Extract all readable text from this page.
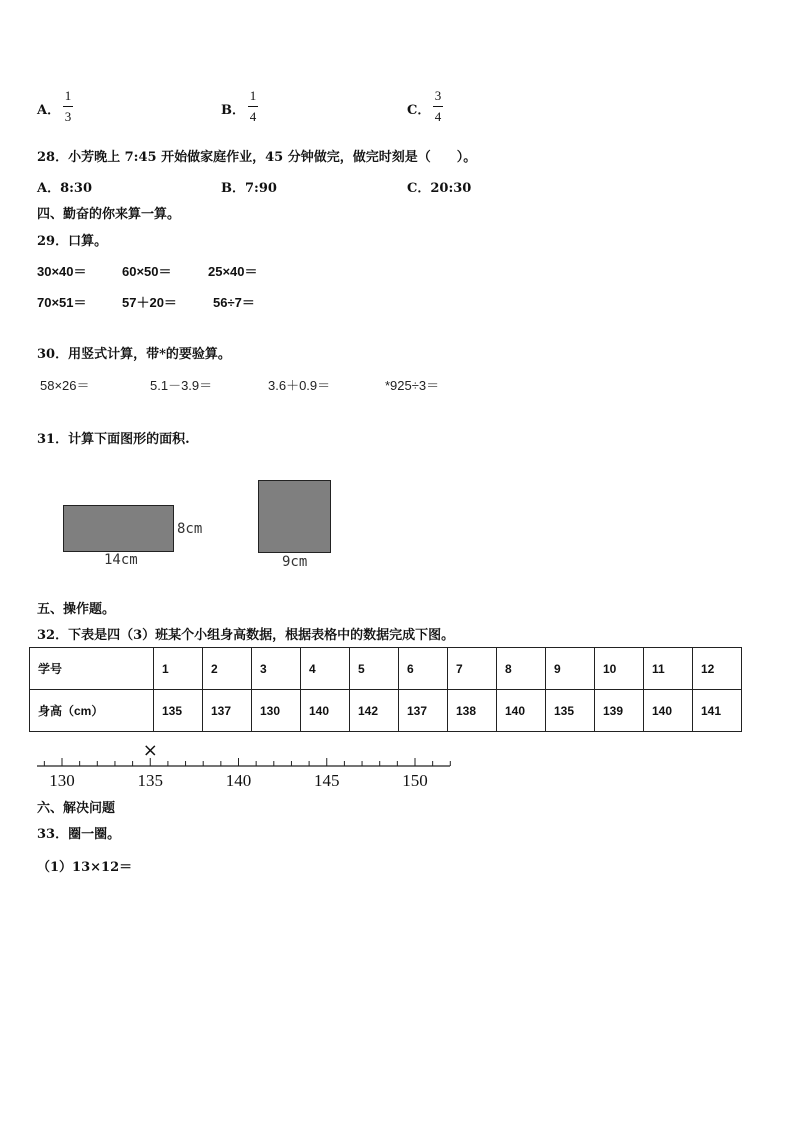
A．
1
3	B．
1
4	C．
3
4
28．小芳晚上 7:45 开始做家庭作业，45 分钟做完，做完时刻是（　　）。
A．8:30	B．7:90	C．20:30
四、勤奋的你来算一算。
29．口算。
30×40＝	60×50＝	25×40＝
70×51＝	57＋20＝	56÷7＝
30．用竖式计算，带*的要验算。
58×26＝	5.1－3.9＝	3.6＋0.9＝	*925÷3＝
31．计算下面图形的面积.
8cm
14cm	9cm
五、操作题。
32．下表是四（3）班某个小组身高数据，根据表格中的数据完成下图。
学号	1	2	3	4	5	6	7	8	9	10	11	12
身高（cm）	135	137	130	140	142	137	138	140	135	139	140	141
130	135	140	145	150
×
六、解决问题
33．圈一圈。
（1）13×12＝
